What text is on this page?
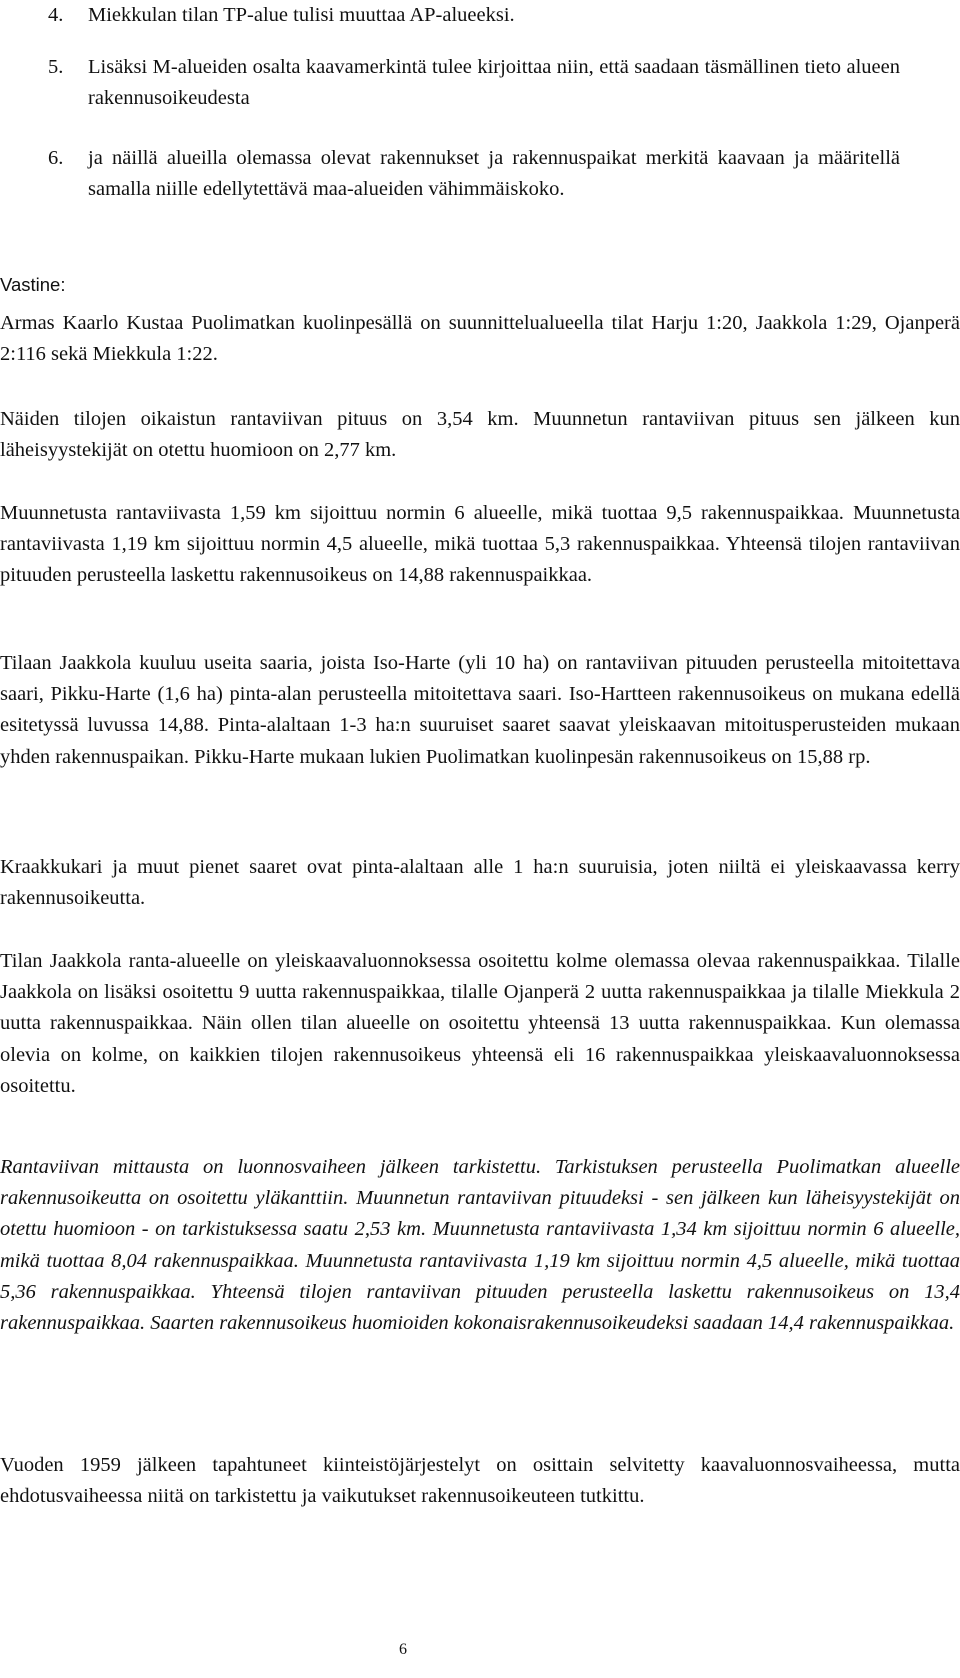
4. Miekkulan tilan TP-alue tulisi muuttaa AP-alueeksi.
5. Lisäksi M-alueiden osalta kaavamerkintä tulee kirjoittaa niin, että saadaan täsmällinen tieto alueen rakennusoikeudesta
6. ja näillä alueilla olemassa olevat rakennukset ja rakennuspaikat merkitä kaavaan ja määritellä samalla niille edellytettävä maa-alueiden vähimmäiskoko.
Vastine:

Armas Kaarlo Kustaa Puolimatkan kuolinpesällä on suunnittelualueella tilat Harju 1:20, Jaakkola 1:29, Ojanperä 2:116 sekä Miekkula 1:22.

Näiden tilojen oikaistun rantaviivan pituus on 3,54 km. Muunnetun rantaviivan pituus sen jälkeen kun läheisyystekijät on otettu huomioon on 2,77 km.

Muunnetusta rantaviivasta 1,59 km sijoittuu normin 6 alueelle, mikä tuottaa 9,5 rakennuspaikkaa. Muunnetusta rantaviivasta 1,19 km sijoittuu normin 4,5 alueelle, mikä tuottaa 5,3 rakennuspaikkaa. Yhteensä tilojen rantaviivan pituuden perusteella laskettu rakennusoikeus on 14,88 rakennuspaikkaa.

Tilaan Jaakkola kuuluu useita saaria, joista Iso-Harte (yli 10 ha) on rantaviivan pituuden perusteella mitoitettava saari, Pikku-Harte (1,6 ha) pinta-alan perusteella mitoitettava saari. Iso-Hartteen rakennusoikeus on mukana edellä esitetyssä luvussa 14,88. Pinta-alaltaan 1-3 ha:n suuruiset saaret saavat yleiskaavan mitoitusperusteiden mukaan yhden rakennuspaikan. Pikku-Harte mukaan lukien Puolimatkan kuolinpesän rakennusoikeus on 15,88 rp.

Kraakkukari ja muut pienet saaret ovat pinta-alaltaan alle 1 ha:n suuruisia, joten niiltä ei yleiskaavassa kerry rakennusoikeutta.

Tilan Jaakkola ranta-alueelle on yleiskaavaluonnoksessa osoitettu kolme olemassa olevaa rakennuspaikkaa. Tilalle Jaakkola on lisäksi osoitettu 9 uutta rakennuspaikkaa, tilalle Ojanperä 2 uutta rakennuspaikkaa ja tilalle Miekkula 2 uutta rakennuspaikkaa. Näin ollen tilan alueelle on osoitettu yhteensä 13 uutta rakennuspaikkaa. Kun olemassa olevia on kolme, on kaikkien tilojen rakennusoikeus yhteensä eli 16 rakennuspaikkaa yleiskaavaluonnoksessa osoitettu.

Rantaviivan mittausta on luonnosvaiheen jälkeen tarkistettu. Tarkistuksen perusteella Puolimatkan alueelle rakennusoikeutta on osoitettu yläkanttiin. Muunnetun rantaviivan pituudeksi - sen jälkeen kun läheisyystekijät on otettu huomioon - on tarkistuksessa saatu 2,53 km. Muunnetusta rantaviivasta 1,34 km sijoittuu normin 6 alueelle, mikä tuottaa 8,04 rakennuspaikkaa. Muunnetusta rantaviivasta 1,19 km sijoittuu normin 4,5 alueelle, mikä tuottaa 5,36 rakennuspaikkaa. Yhteensä tilojen rantaviivan pituuden perusteella laskettu rakennusoikeus on 13,4 rakennuspaikkaa. Saarten rakennusoikeus huomioiden kokonaisrakennusoikeudeksi saadaan 14,4 rakennuspaikkaa.

Vuoden 1959 jälkeen tapahtuneet kiinteistöjärjestelyt on osittain selvitetty kaavaluonnosvaiheessa, mutta ehdotusvaiheessa niitä on tarkistettu ja vaikutukset rakennusoikeuteen tutkittu.

6
